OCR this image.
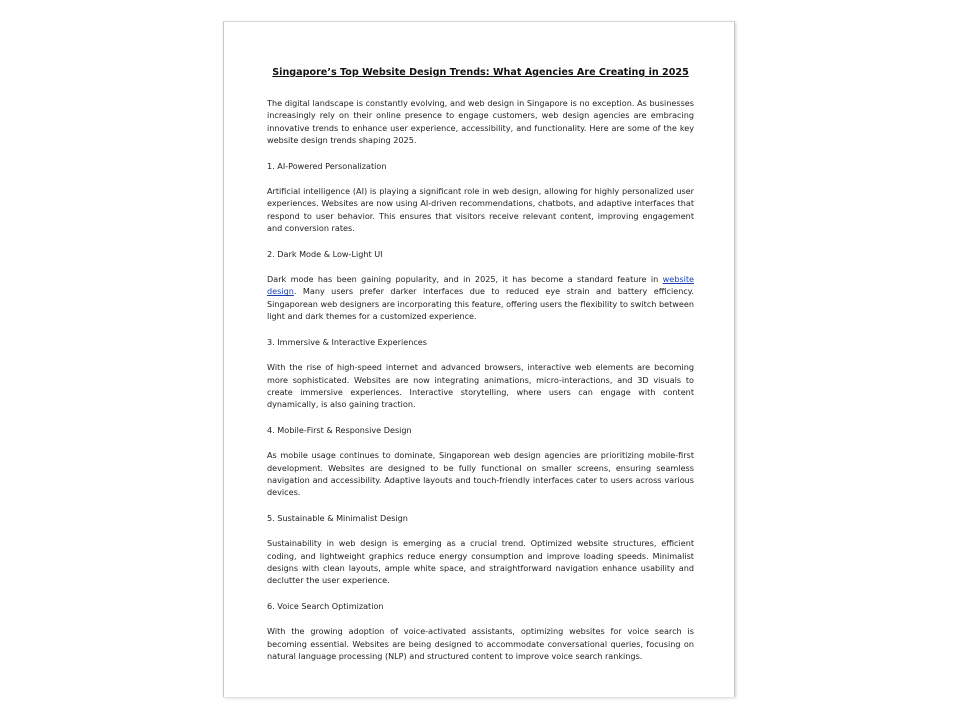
Singapore’s Top Website Design Trends: What Agencies Are Creating in 2025

The digital landscape is constantly evolving, and web design in Singapore is no exception. As businesses increasingly rely on their online presence to engage customers, web design agencies are embracing innovative trends to enhance user experience, accessibility, and functionality. Here are some of the key website design trends shaping 2025.

1. AI-Powered Personalization

Artificial intelligence (AI) is playing a significant role in web design, allowing for highly personalized user experiences. Websites are now using AI-driven recommendations, chatbots, and adaptive interfaces that respond to user behavior. This ensures that visitors receive relevant content, improving engagement and conversion rates.

2. Dark Mode & Low-Light UI

Dark mode has been gaining popularity, and in 2025, it has become a standard feature in website design. Many users prefer darker interfaces due to reduced eye strain and battery efficiency. Singaporean web designers are incorporating this feature, offering users the flexibility to switch between light and dark themes for a customized experience.

3. Immersive & Interactive Experiences

With the rise of high-speed internet and advanced browsers, interactive web elements are becoming more sophisticated. Websites are now integrating animations, micro-interactions, and 3D visuals to create immersive experiences. Interactive storytelling, where users can engage with content dynamically, is also gaining traction.

4. Mobile-First & Responsive Design

As mobile usage continues to dominate, Singaporean web design agencies are prioritizing mobile-first development. Websites are designed to be fully functional on smaller screens, ensuring seamless navigation and accessibility. Adaptive layouts and touch-friendly interfaces cater to users across various devices.

5. Sustainable & Minimalist Design

Sustainability in web design is emerging as a crucial trend. Optimized website structures, efficient coding, and lightweight graphics reduce energy consumption and improve loading speeds. Minimalist designs with clean layouts, ample white space, and straightforward navigation enhance usability and declutter the user experience.

6. Voice Search Optimization

With the growing adoption of voice-activated assistants, optimizing websites for voice search is becoming essential. Websites are being designed to accommodate conversational queries, focusing on natural language processing (NLP) and structured content to improve voice search rankings.
